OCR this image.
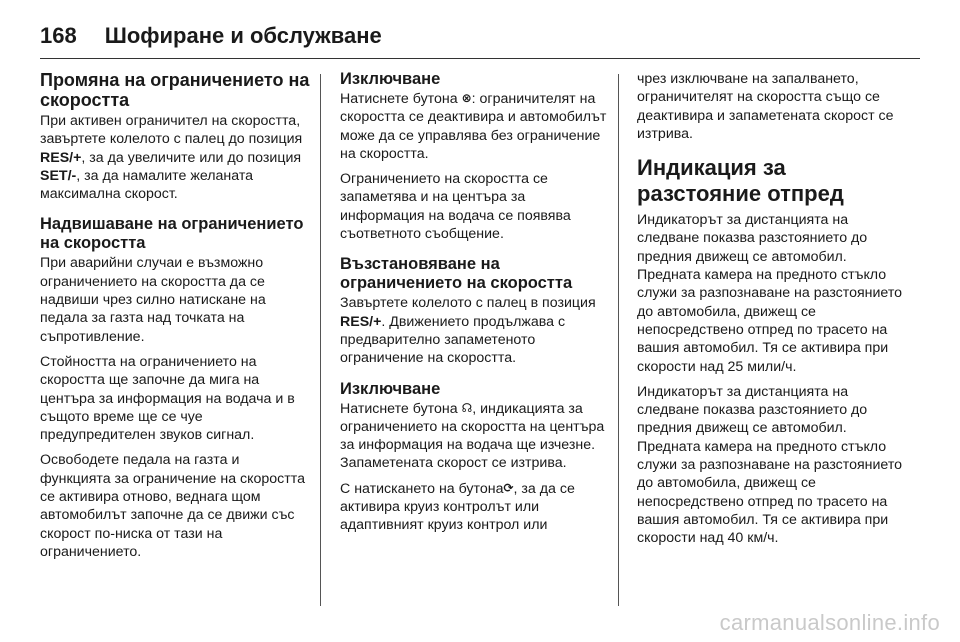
168 Шофиране и обслужване
Промяна на ограничението на скоростта

При активен ограничител на скоростта, завъртете колелото с палец до позиция RES/+, за да увеличите или до позиция SET/-, за да намалите желаната максимална скорост.

Надвишаване на ограничението на скоростта

При аварийни случаи е възможно ограничението на скоростта да се надвиши чрез силно натискане на педала за газта над точката на съпротивление.

Стойността на ограничението на скоростта ще започне да мига на центъра за информация на водача и в същото време ще се чуе предупредителен звуков сигнал.

Освободете педала на газта и функцията за ограничение на скоростта се активира отново, веднага щом автомобилът започне да се движи със скорост по-ниска от тази на ограничението.

Изключване

Натиснете бутона ⊗: ограничителят на скоростта се деактивира и автомобилът може да се управлява без ограничение на скоростта.

Ограничението на скоростта се запаметява и на центъра за информация на водача се появява съответното съобщение.

Възстановяване на ограничението на скоростта

Завъртете колелото с палец в позиция RES/+. Движението продължава с предварително запаметеното ограничение на скоростта.

Изключване

Натиснете бутона ☊, индикацията за ограничението на скоростта на центъра за информация на водача ще изчезне. Запаметената скорост се изтрива.

С натискането на бутона⟳, за да се активира круиз контролът или адаптивният круиз контрол или

чрез изключване на запалването, ограничителят на скоростта също се деактивира и запаметената скорост се изтрива.

Индикация за разстояние отпред

Индикаторът за дистанцията на следване показва разстоянието до предния движещ се автомобил. Предната камера на предното стъкло служи за разпознаване на разстоянието до автомобила, движещ се непосредствено отпред по трасето на вашия автомобил. Тя се активира при скорости над 25 мили/ч.

Индикаторът за дистанцията на следване показва разстоянието до предния движещ се автомобил. Предната камера на предното стъкло служи за разпознаване на разстоянието до автомобила, движещ се непосредствено отпред по трасето на вашия автомобил. Тя се активира при скорости над 40 км/ч.

carmanualsonline.info
